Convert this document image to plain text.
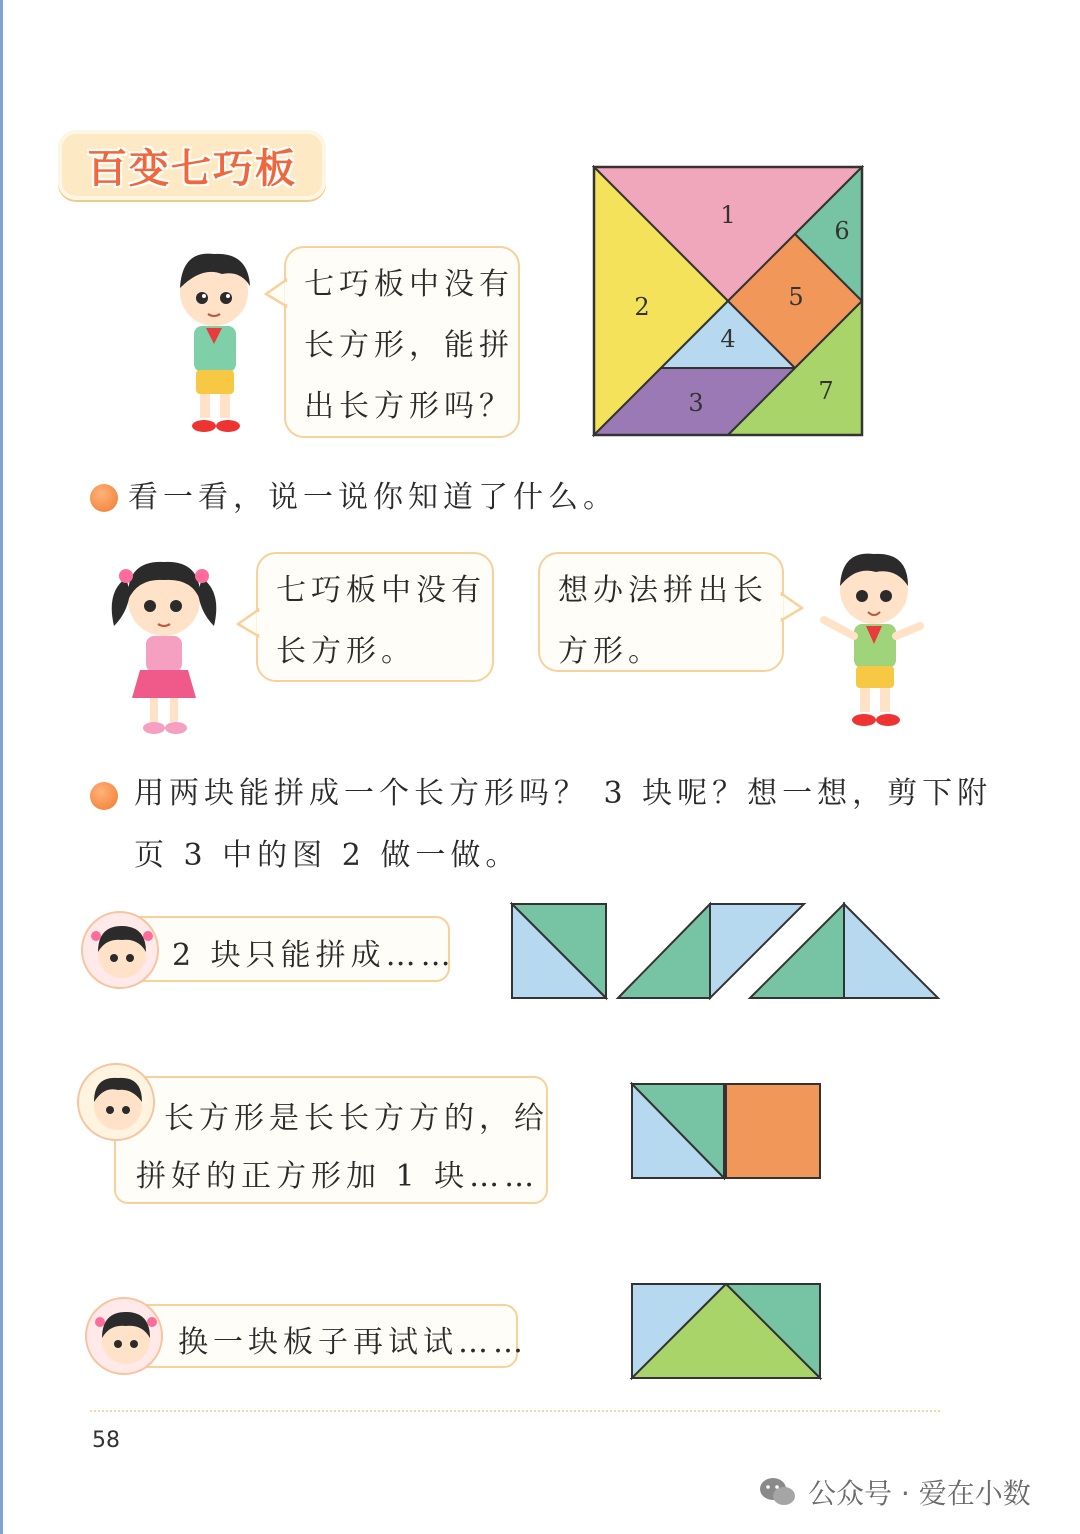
百变七巧板
七巧板中没有
长方形，能拼
出长方形吗？
1
2
3
4
5
6
7
看一看，说一说你知道了什么。
七巧板中没有
长方形。
想办法拼出长
方形。
用两块能拼成一个长方形吗？ 3 块呢？想一想，剪下附
页 3 中的图 2 做一做。
2 块只能拼成……
长方形是长长方方的，给
拼好的正方形加 1 块……
换一块板子再试试……
58
公众号 · 爱在小数
